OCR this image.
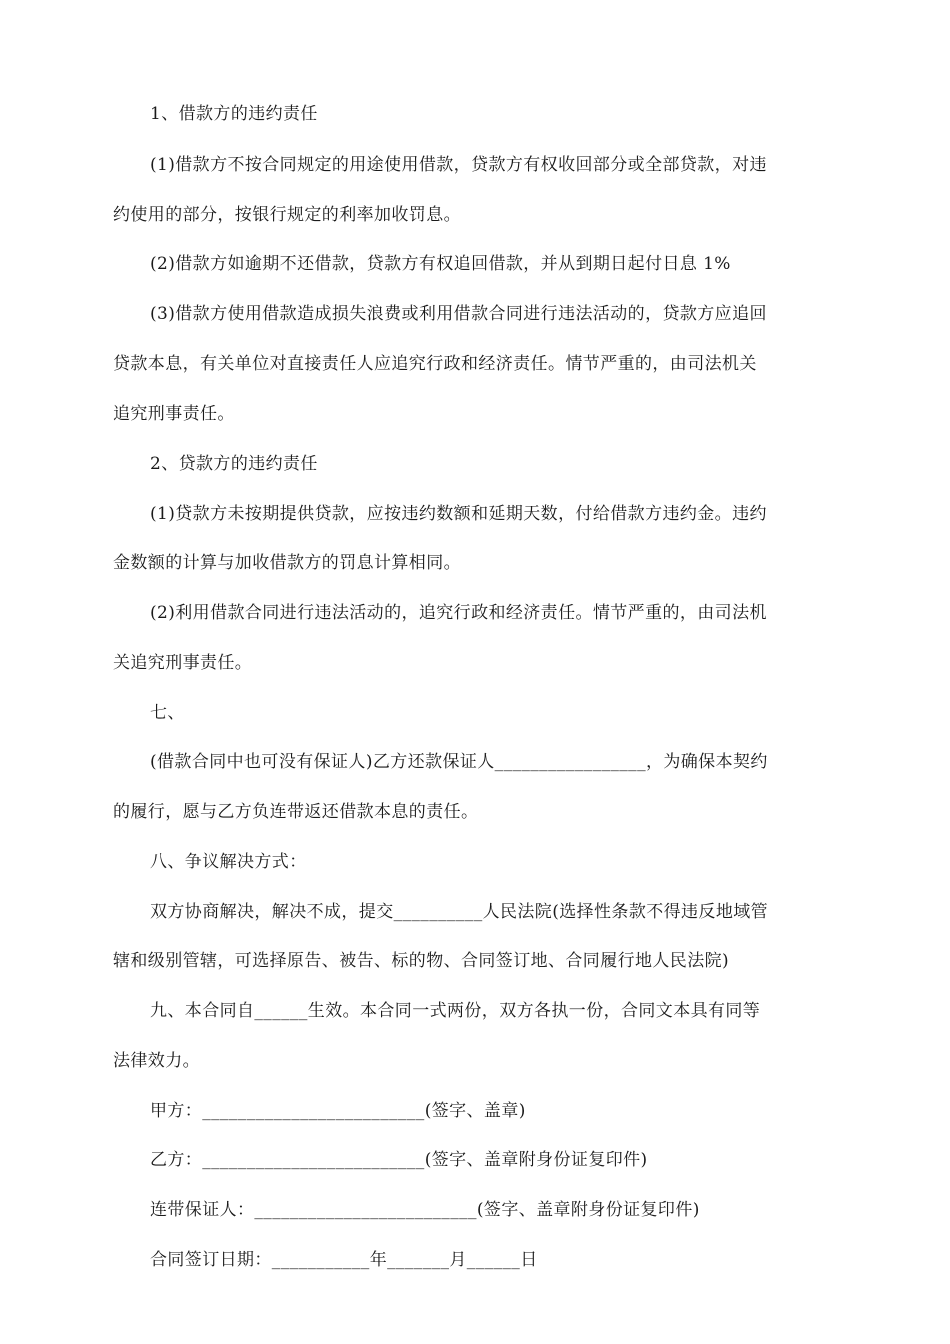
1、借款方的违约责任
(1)借款方不按合同规定的用途使用借款，贷款方有权收回部分或全部贷款，对违
约使用的部分，按银行规定的利率加收罚息。
(2)借款方如逾期不还借款，贷款方有权追回借款，并从到期日起付日息 1%
(3)借款方使用借款造成损失浪费或利用借款合同进行违法活动的，贷款方应追回
贷款本息，有关单位对直接责任人应追究行政和经济责任。情节严重的，由司法机关
追究刑事责任。
2、贷款方的违约责任
(1)贷款方未按期提供贷款，应按违约数额和延期天数，付给借款方违约金。违约
金数额的计算与加收借款方的罚息计算相同。
(2)利用借款合同进行违法活动的，追究行政和经济责任。情节严重的，由司法机
关追究刑事责任。
七、
(借款合同中也可没有保证人)乙方还款保证人_________________，为确保本契约
的履行，愿与乙方负连带返还借款本息的责任。
八、争议解决方式：
双方协商解决，解决不成，提交__________人民法院(选择性条款不得违反地域管
辖和级别管辖，可选择原告、被告、标的物、合同签订地、合同履行地人民法院)
九、本合同自______生效。本合同一式两份，双方各执一份，合同文本具有同等
法律效力。
甲方：_________________________(签字、盖章)
乙方：_________________________(签字、盖章附身份证复印件)
连带保证人：_________________________(签字、盖章附身份证复印件)
合同签订日期：___________年_______月______日
